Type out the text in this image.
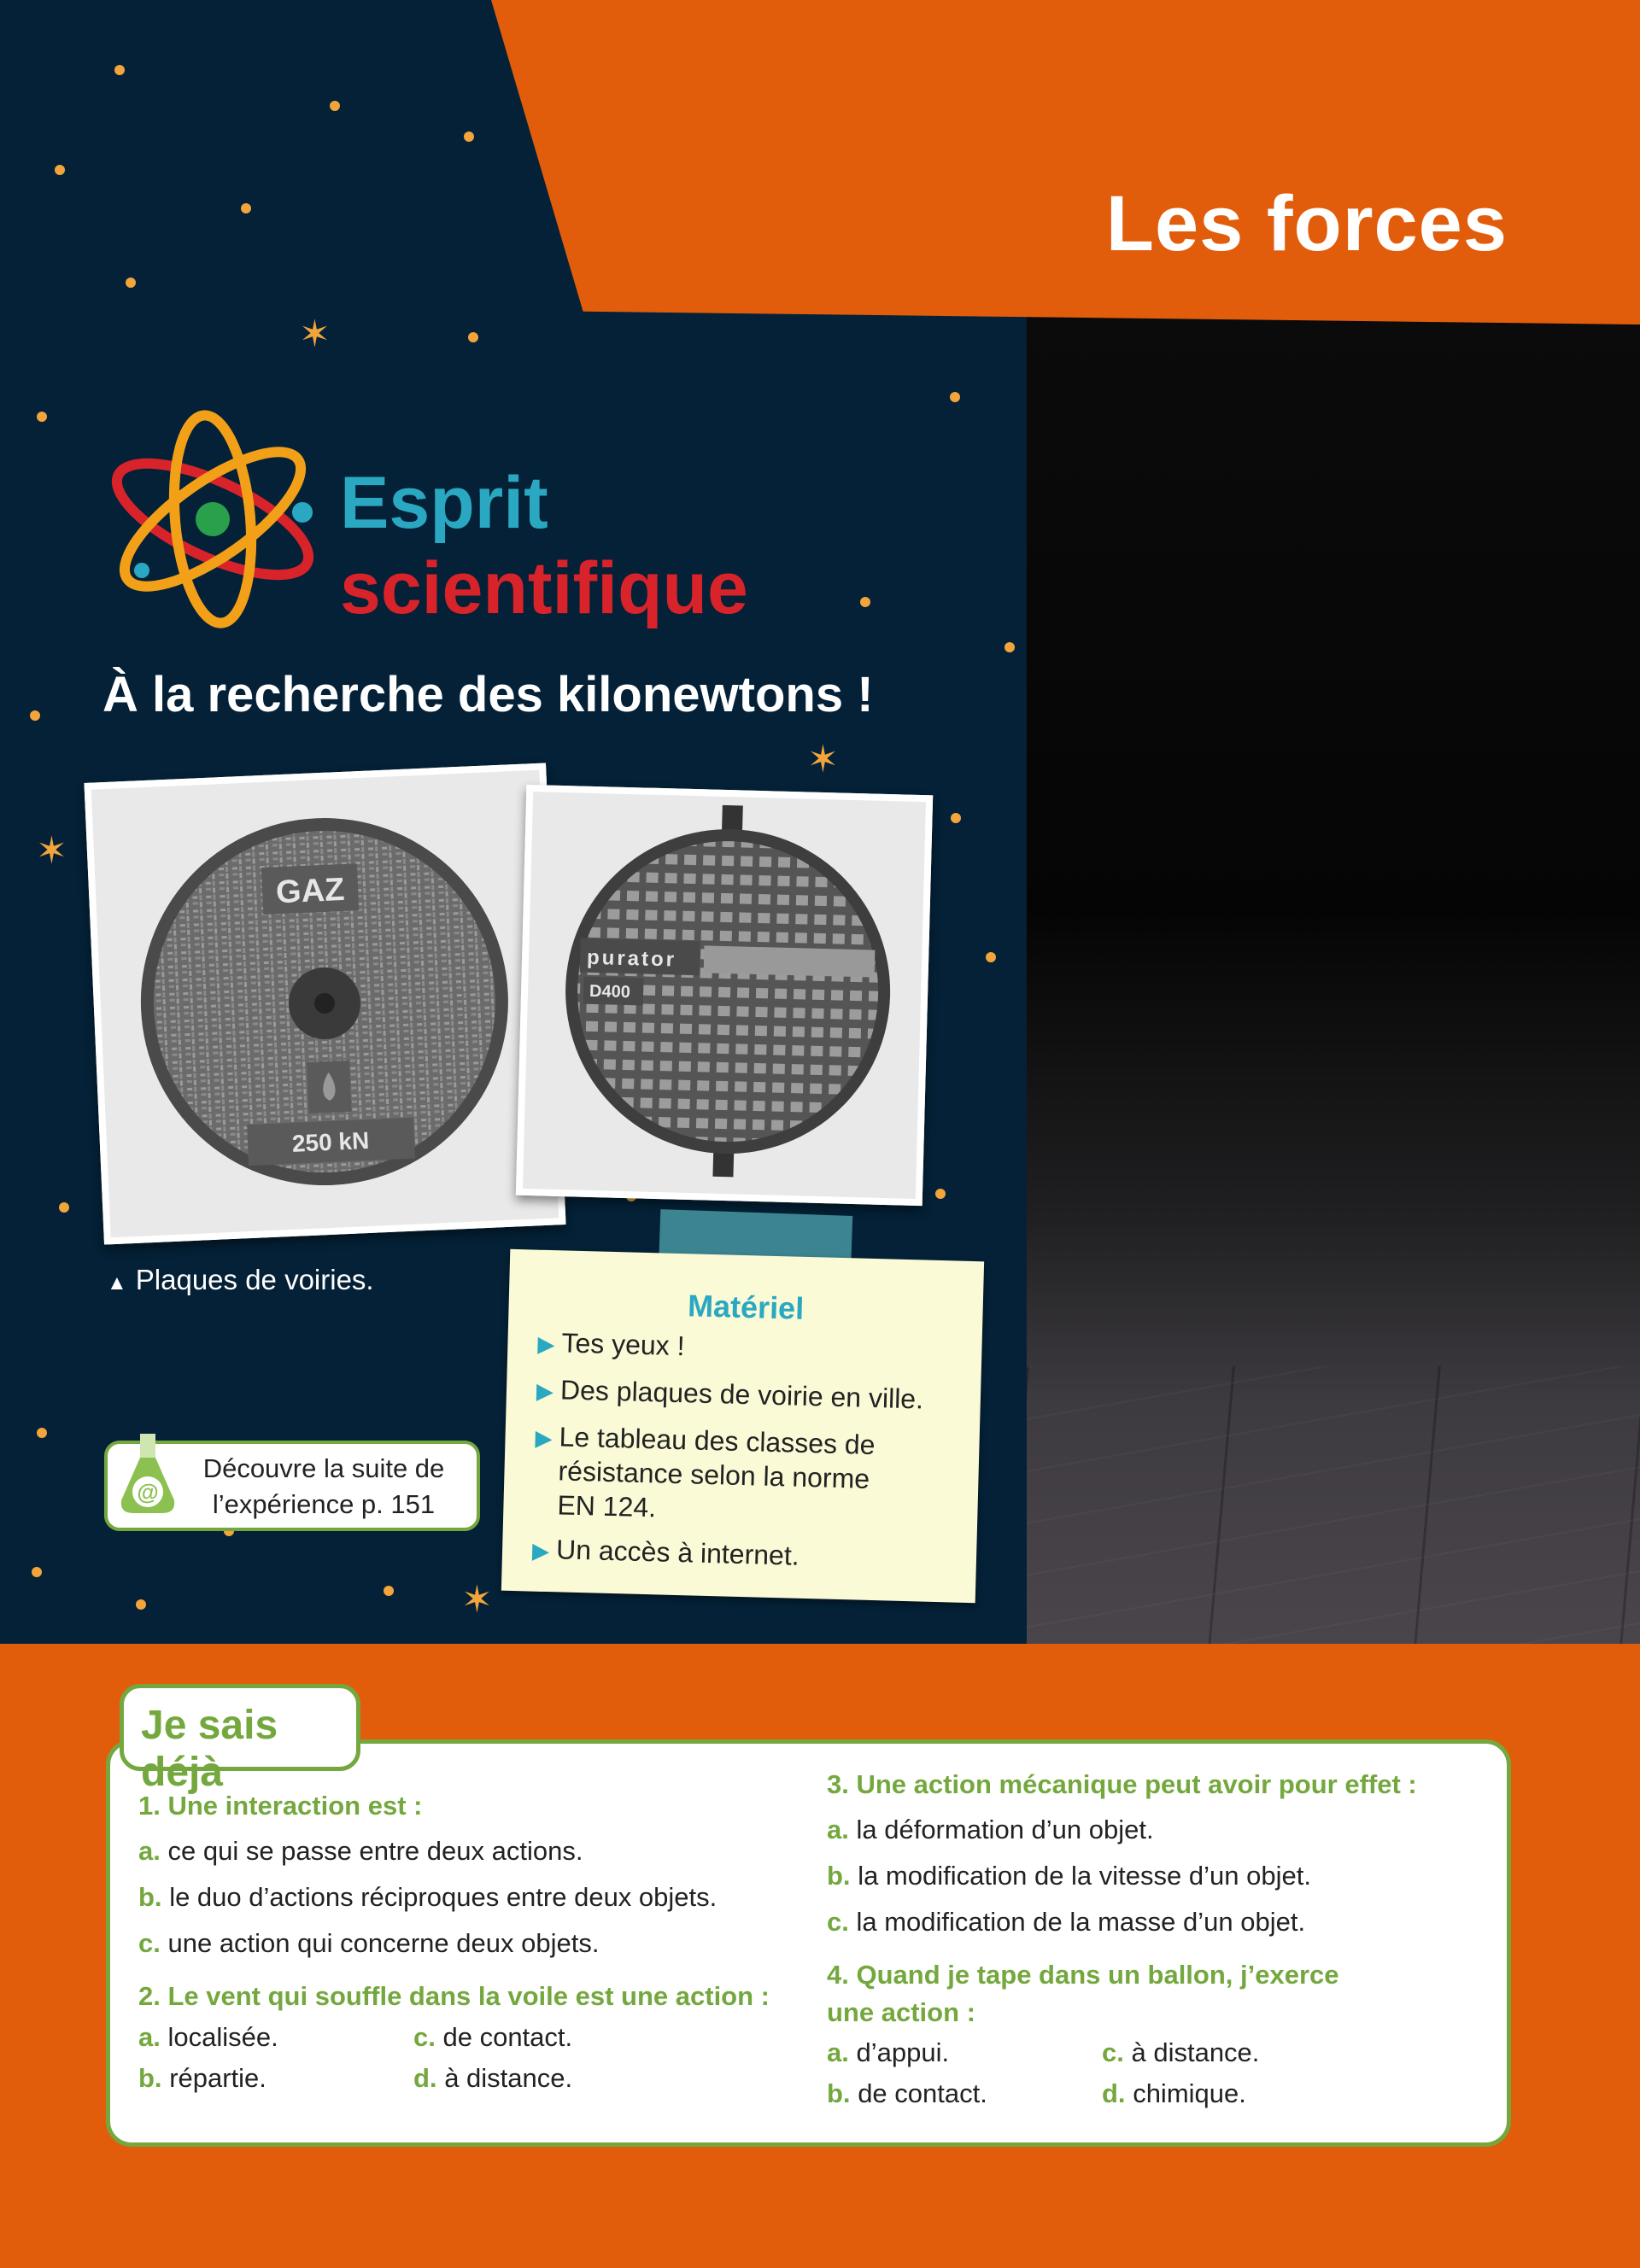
Les forces
✶
✶
✶
✶
Esprit
scientifique
À la recherche des kilonewtons !
GAZ
250 kN
purator
D400
▲ Plaques de voiries.
@
Découvre la suite de
l’expérience p. 151
Matériel
▶ Tes yeux !
▶ Des plaques de voirie en ville.
▶ Le tableau des classes de
résistance selon la norme
EN 124.
▶ Un accès à internet.
1. Une interaction est :
a. ce qui se passe entre deux actions.
b. le duo d’actions réciproques entre deux objets.
c. une action qui concerne deux objets.
2. Le vent qui souffle dans la voile est une action :
a. localisée.	c. de contact.
b. répartie.	d. à distance.
3. Une action mécanique peut avoir pour effet :
a. la déformation d’un objet.
b. la modification de la vitesse d’un objet.
c. la modification de la masse d’un objet.
4. Quand je tape dans un ballon, j’exerce
une action :
a. d’appui.	c. à distance.
b. de contact.	d. chimique.
Je sais déjà
